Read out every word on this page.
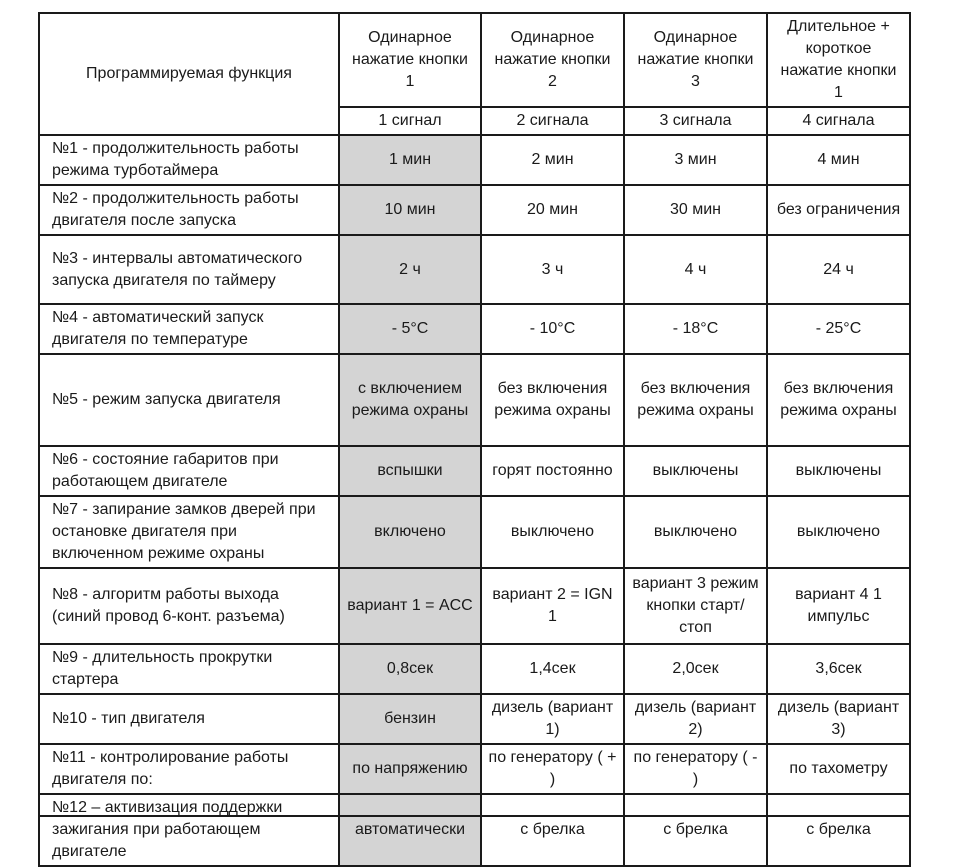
Программируемая функция	Одинарное нажатие кнопки 1	Одинарное нажатие кнопки 2	Одинарное нажатие кнопки 3	Длительное + короткое нажатие кнопки 1
	1 сигнал	2 сигнала	3 сигнала	4 сигнала
№1 - продолжительность работы режима турботаймера	1 мин	2 мин	3 мин	4 мин
№2 - продолжительность работы двигателя после запуска	10 мин	20 мин	30 мин	без ограничения
№3 - интервалы автоматического запуска двигателя по таймеру	2 ч	3 ч	4 ч	24 ч
№4 - автоматический запуск двигателя по температуре	- 5°C	- 10°C	- 18°C	- 25°C
№5 - режим запуска двигателя	с включением режима охраны	без включения режима охраны	без включения режима охраны	без включения режима охраны
№6 - состояние габаритов при работающем двигателе	вспышки	горят постоянно	выключены	выключены
№7 - запирание замков дверей при остановке двигателя при включенном режиме охраны	включено	выключено	выключено	выключено
№8 - алгоритм работы выхода (синий провод 6-конт. разъема)	вариант 1 = ACC	вариант 2 = IGN 1	вариант 3 режим кнопки старт/стоп	вариант 4 1 импульс
№9 - длительность прокрутки стартера	0,8сек	1,4сек	2,0сек	3,6сек
№10 - тип двигателя	бензин	дизель (вариант 1)	дизель (вариант 2)	дизель (вариант 3)
№11 - контролирование работы двигателя по:	по напряжению	по генератору ( + )	по генератору ( - )	по тахометру
№12 – активизация поддержки зажигания при работающем двигателе	автоматически	с брелка	с брелка	с брелка
